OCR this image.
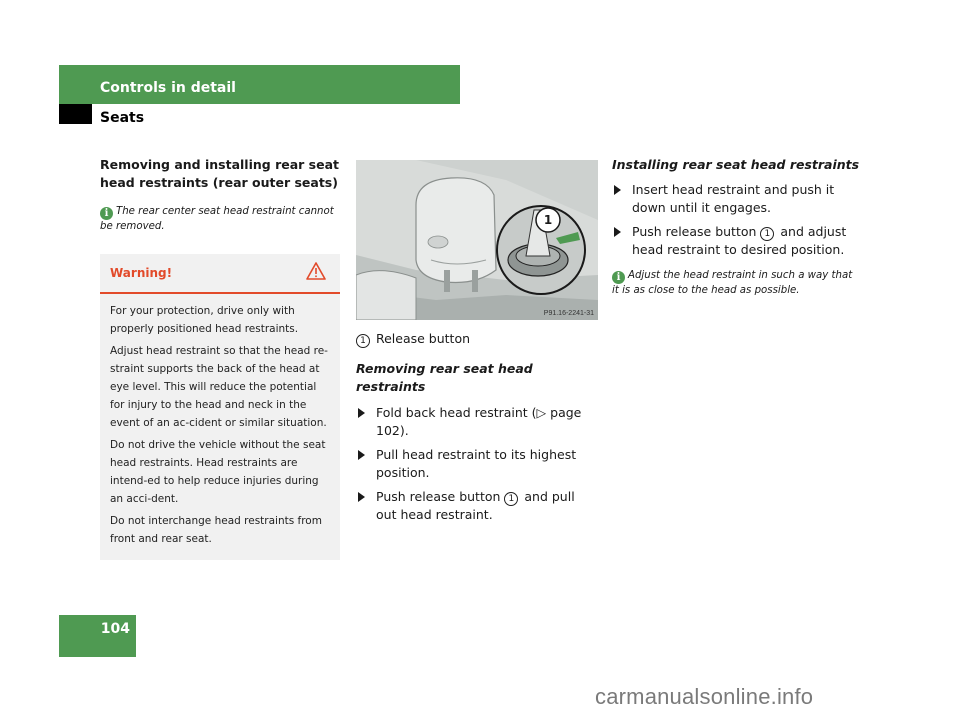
Controls in detail
Seats

Removing and installing rear seat head restraints (rear outer seats)

i The rear center seat head restraint cannot be removed.

Warning!

For your protection, drive only with properly positioned head restraints.

Adjust head restraint so that the head re-straint supports the back of the head at eye level. This will reduce the potential for injury to the head and neck in the event of an ac-cident or similar situation.

Do not drive the vehicle without the seat head restraints. Head restraints are intend-ed to help reduce injuries during an acci-dent.

Do not interchange head restraints from front and rear seat.

1
P91.16-2241-31
1 Release button

Removing rear seat head restraints

Fold back head restraint (▷ page 102).

Pull head restraint to its highest position.

Push release button 1 and pull out head restraint.

Installing rear seat head restraints

Insert head restraint and push it down until it engages.

Push release button 1 and adjust head restraint to desired position.

i Adjust the head restraint in such a way that it is as close to the head as possible.

104
carmanualsonline.info
